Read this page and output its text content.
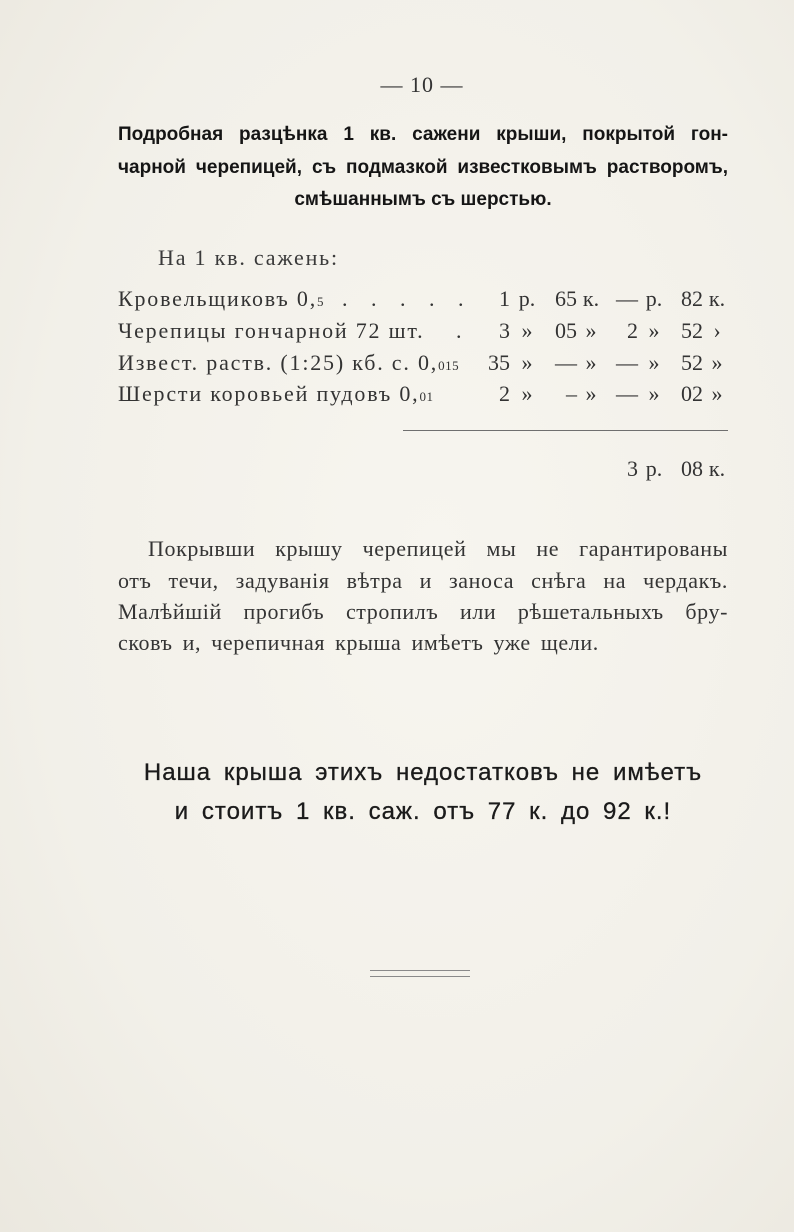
— 10 —
Подробная разцѣнка 1 кв. сажени крыши, покрытой гон-
чарной черепицей, съ подмазкой известковымъ растворомъ,
смѣшаннымъ съ шерстью.
На 1 кв. сажень:
Кровельщиковъ 0,5 . . . . .	1 р. 65 к. — р. 82 к.
Черепицы гончарной 72 шт. .	3 »	05 »	2 » 52 ›
Извест. раств. (1:25) кб. с. 0,015 35 »	— » — » 52 »
Шерсти коровьей пудовъ 0,01	2 »	– » — » 02 »
3 р. 08 к.
Покрывши крышу черепицей мы не гарантированы
отъ течи, задуванія вѣтра и заноса снѣга на чердакъ.
Малѣйшій прогибъ стропилъ или рѣшетальныхъ бру-
сковъ и, черепичная крыша имѣетъ уже щели.
Наша крыша этихъ недостатковъ не имѣетъ
и стоитъ 1 кв. саж. отъ 77 к. до 92 к.!
